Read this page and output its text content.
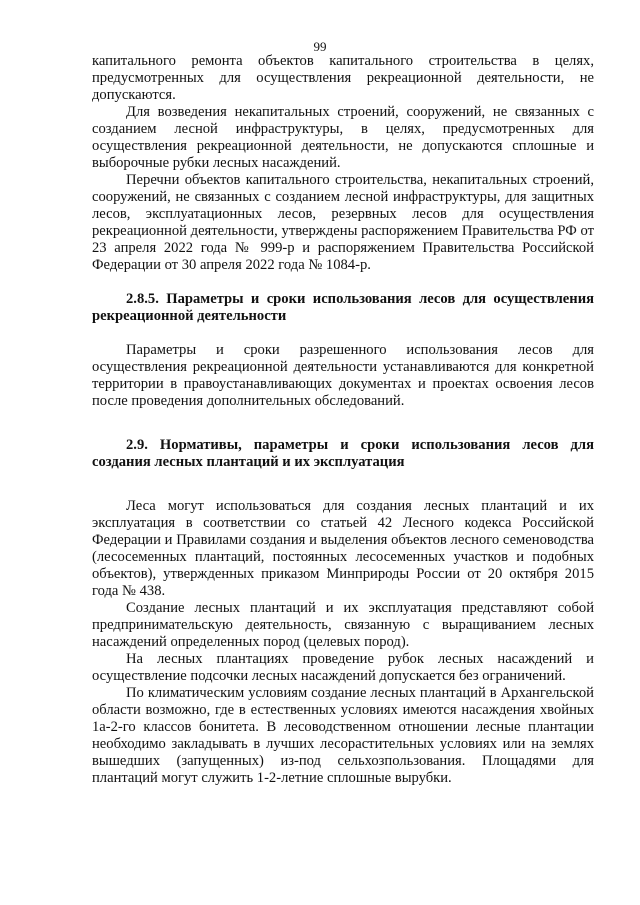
99

капитального ремонта объектов капитального строительства в целях, предусмотренных для осуществления рекреационной деятельности, не допускаются.

Для возведения некапитальных строений, сооружений, не связанных с созданием лесной инфраструктуры, в целях, предусмотренных для осуществления рекреационной деятельности, не допускаются сплошные и выборочные рубки лесных насаждений.

Перечни объектов капитального строительства, некапитальных строений, сооружений, не связанных с созданием лесной инфраструктуры, для защитных лесов, эксплуатационных лесов, резервных лесов для осуществления рекреационной деятельности, утверждены распоряжением Правительства РФ от 23 апреля 2022 года № 999-р и распоряжением Правительства Российской Федерации от 30 апреля 2022 года № 1084-р.

2.8.5. Параметры и сроки использования лесов для осуществления рекреационной деятельности

Параметры и сроки разрешенного использования лесов для осуществления рекреационной деятельности устанавливаются для конкретной территории в правоустанавливающих документах и проектах освоения лесов после проведения дополнительных обследований.

2.9. Нормативы, параметры и сроки использования лесов для создания лесных плантаций и их эксплуатация

Леса могут использоваться для создания лесных плантаций и их эксплуатация в соответствии со статьей 42 Лесного кодекса Российской Федерации и Правилами создания и выделения объектов лесного семеноводства (лесосеменных плантаций, постоянных лесосеменных участков и подобных объектов), утвержденных приказом Минприроды России от 20 октября 2015 года № 438.

Создание лесных плантаций и их эксплуатация представляют собой предпринимательскую деятельность, связанную с выращиванием лесных насаждений определенных пород (целевых пород).

На лесных плантациях проведение рубок лесных насаждений и осуществление подсочки лесных насаждений допускается без ограничений.

По климатическим условиям создание лесных плантаций в Архангельской области возможно, где в естественных условиях имеются насаждения хвойных 1а-2-го классов бонитета. В лесоводственном отношении лесные плантации необходимо закладывать в лучших лесорастительных условиях или на землях вышедших (запущенных) из-под сельхозпользования. Площадями для плантаций могут служить 1-2-летние сплошные вырубки.
